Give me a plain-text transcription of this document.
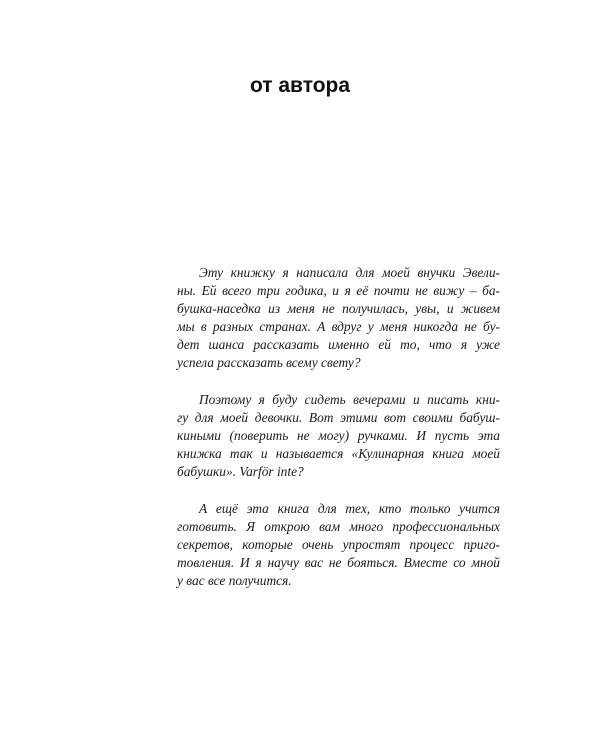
от автора

Эту книжку я написала для моей внучки Эвели-
ны. Ей всего три годика, и я её почти не вижу – ба-
бушка-наседка из меня не получилась, увы, и живем
мы в разных странах. А вдруг у меня никогда не бу-
дет шанса рассказать именно ей то, что я уже
успела рассказать всему свету?

Поэтому я буду сидеть вечерами и писать кни-
гу для моей девочки. Вот этими вот своими бабуш-
киными (поверить не могу) ручками. И пусть эта
книжка так и называется «Кулинарная книга моей
бабушки». Varför inte?

А ещё эта книга для тех, кто только учится
готовить. Я открою вам много профессиональных
секретов, которые очень упростят процесс приго-
товления. И я научу вас не бояться. Вместе со мной
у вас все получится.
